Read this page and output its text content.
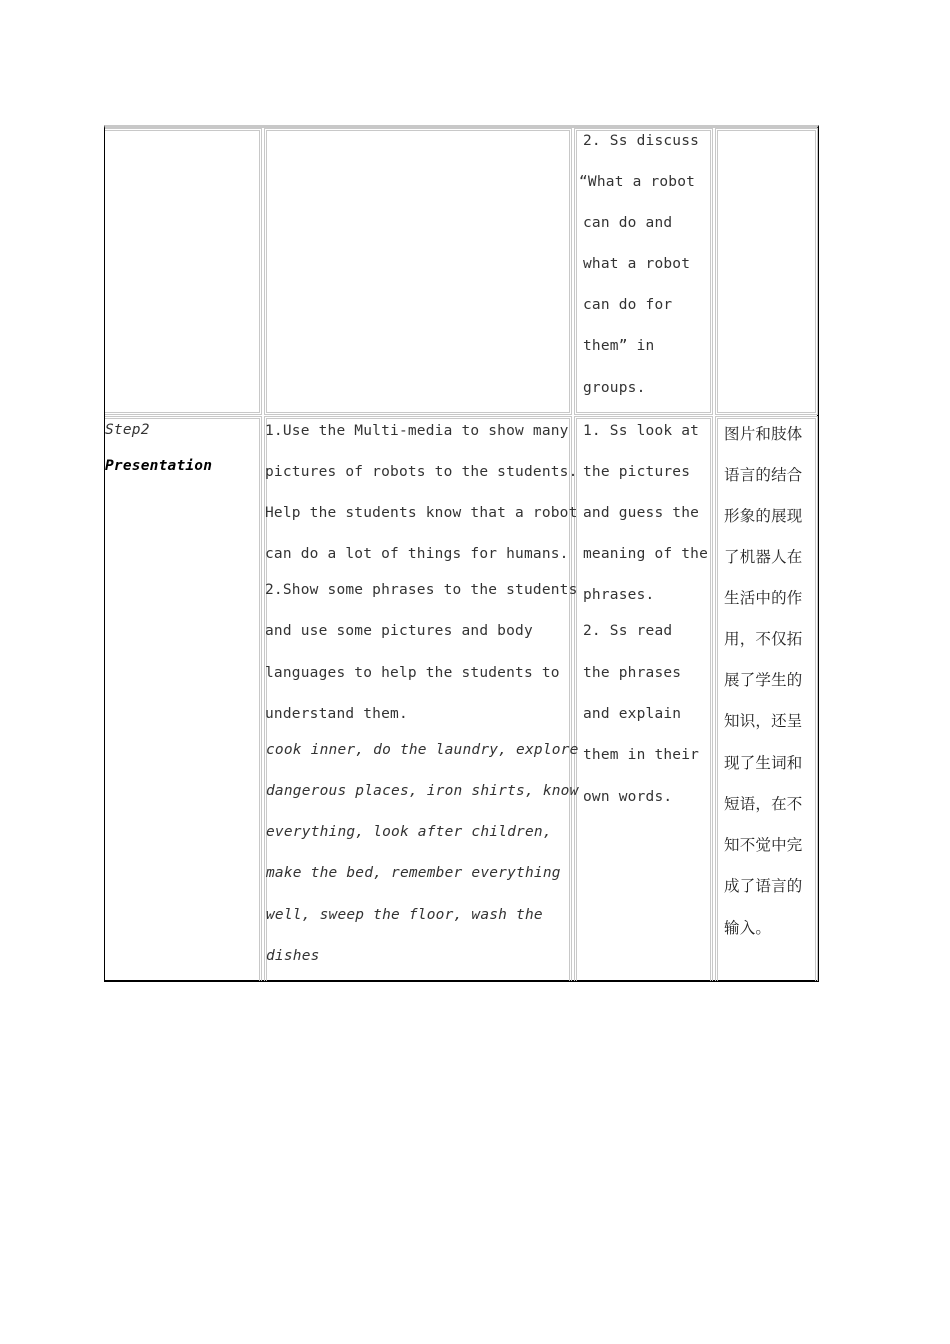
2. Ss discuss
“What a robot
can do and
what a robot
can do for
them” in
groups.
Step2
Presentation
1.Use the Multi-media to show many
pictures of robots to the students.
Help the students know that a robot
can do a lot of things for humans.
2.Show some phrases to the students
and use some pictures and body
languages to help the students to
understand them.
cook inner, do the laundry, explore
dangerous places, iron shirts, know
everything, look after children,
make the bed, remember everything
well, sweep the floor, wash the
dishes
1. Ss look at
the pictures
and guess the
meaning of the
phrases.
2. Ss read
the phrases
and explain
them in their
own words.
图片和肢体
语言的结合
形象的展现
了机器人在
生活中的作
用，不仅拓
展了学生的
知识，还呈
现了生词和
短语，在不
知不觉中完
成了语言的
输入。
